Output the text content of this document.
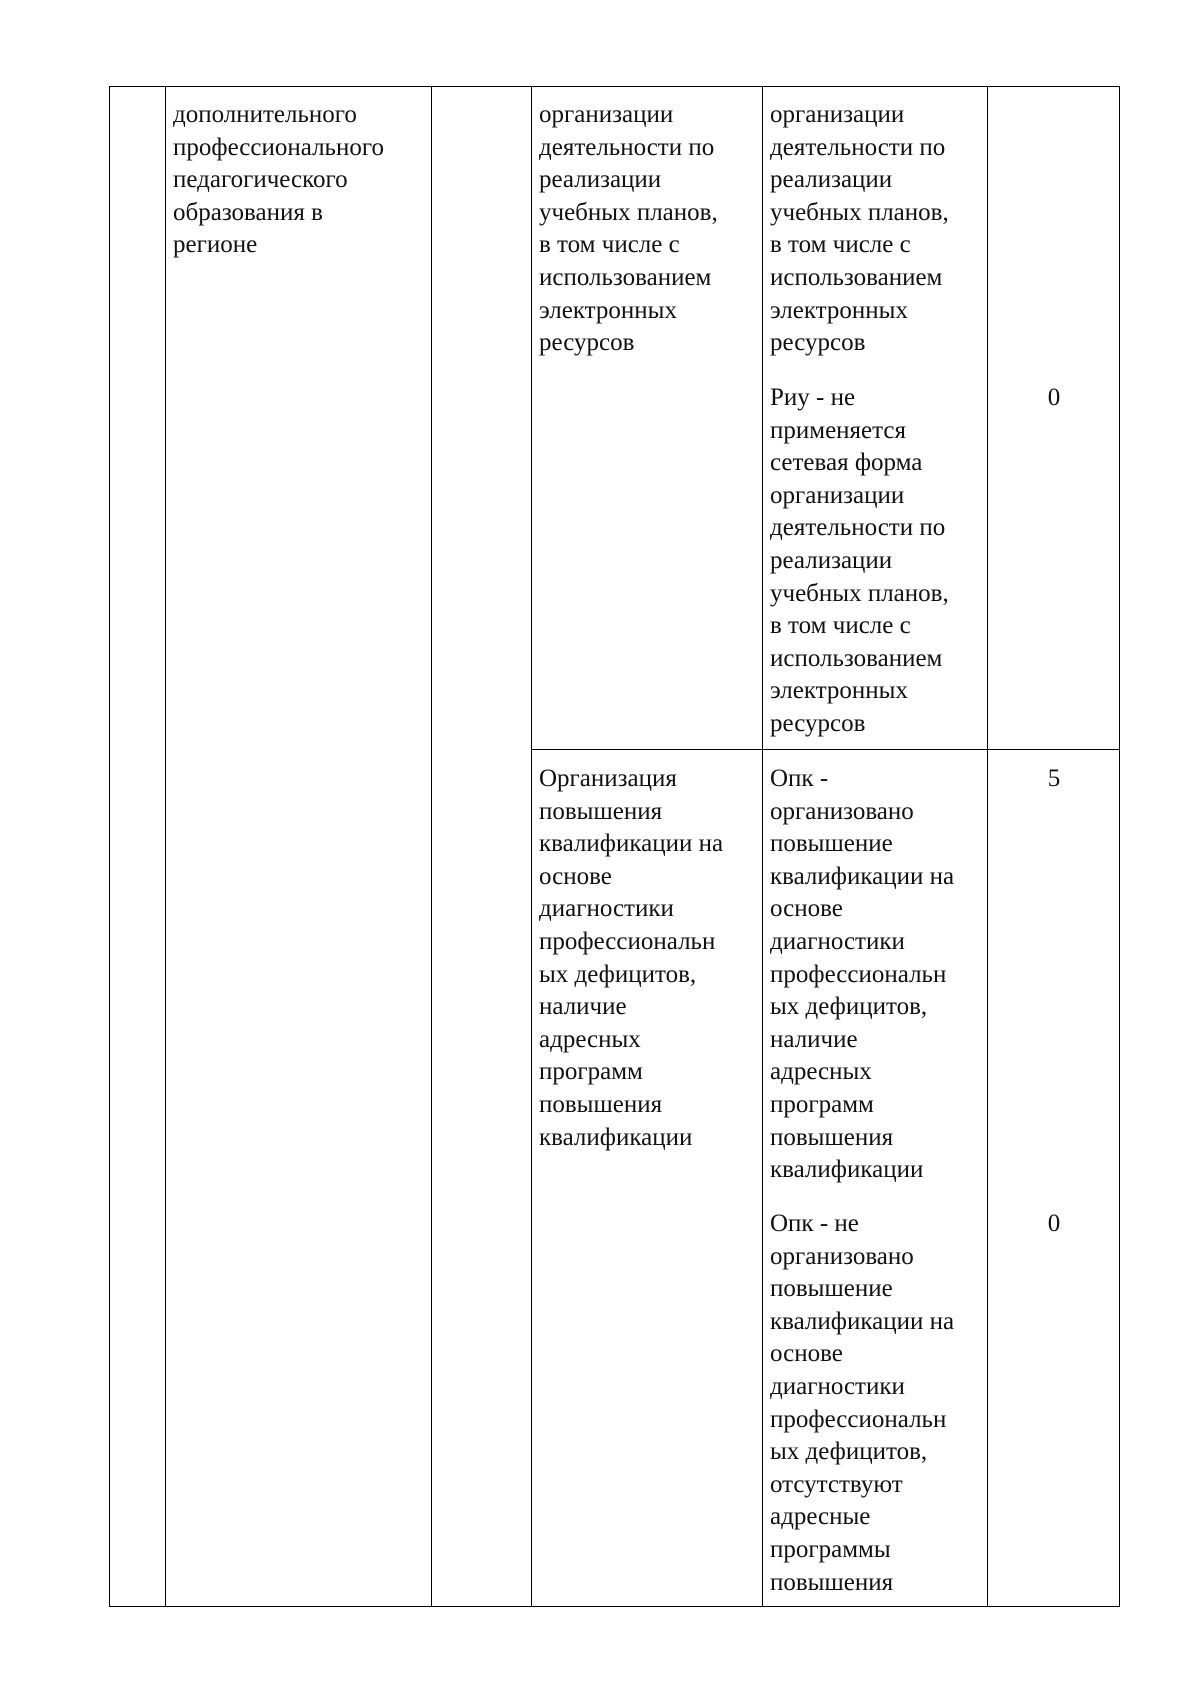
дополнительного
профессионального
педагогического
образования в
регионе

организации
деятельности по
реализации
учебных планов,
в том числе с
использованием
электронных
ресурсов

организации
деятельности по
реализации
учебных планов,
в том числе с
использованием
электронных
ресурсов

Риу - не
применяется
сетевая форма
организации
деятельности по
реализации
учебных планов,
в том числе с
использованием
электронных
ресурсов

0

Организация
повышения
квалификации на
основе
диагностики
профессиональн
ых дефицитов,
наличие
адресных
программ
повышения
квалификации

Опк -
организовано
повышение
квалификации на
основе
диагностики
профессиональн
ых дефицитов,
наличие
адресных
программ
повышения
квалификации

5

Опк - не
организовано
повышение
квалификации на
основе
диагностики
профессиональн
ых дефицитов,
отсутствуют
адресные
программы
повышения

0
